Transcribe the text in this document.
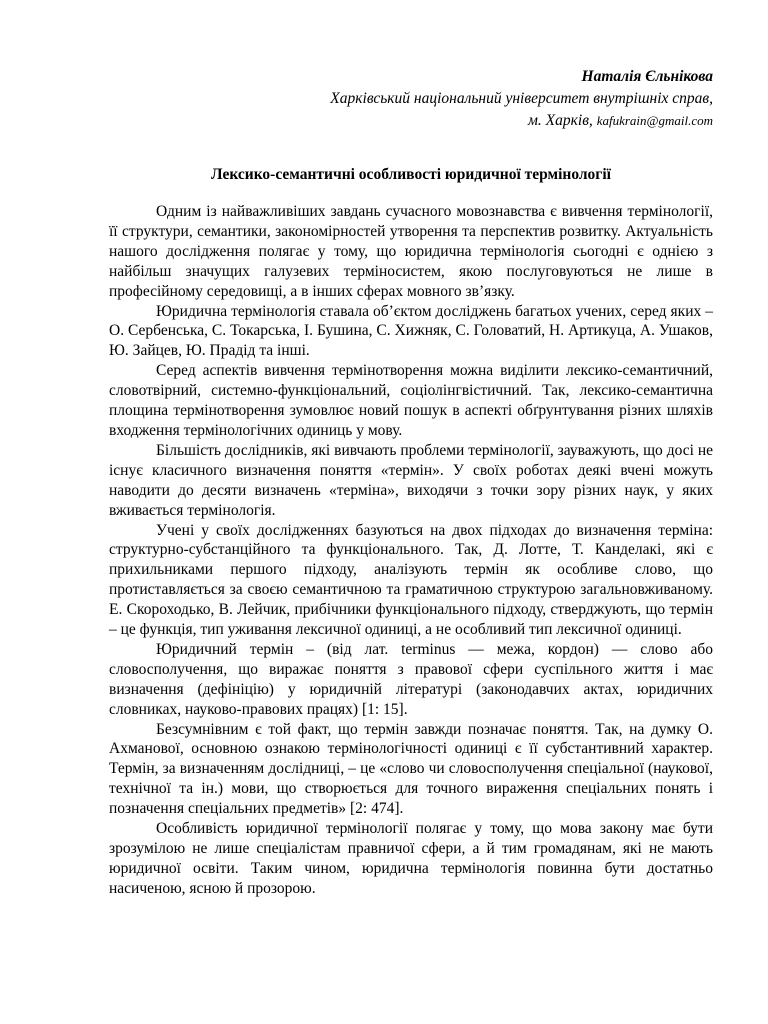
Наталія Єльнікова
Харківський національний університет внутрішніх справ,
м. Харків, kafukrain@gmail.com
Лексико-семантичні особливості юридичної термінології

Одним із найважливіших завдань сучасного мовознавства є вивчення термінології, її структури, семантики, закономірностей утворення та перспектив розвитку. Актуальність нашого дослідження полягає у тому, що юридична термінологія сьогодні є однією з найбільш значущих галузевих терміносистем, якою послуговуються не лише в професійному середовищі, а в інших сферах мовного зв’язку.

Юридична термінологія ставала об’єктом досліджень багатьох учених, серед яких – О. Сербенська, С. Токарська, І. Бушина, С. Хижняк, С. Головатий, Н. Артикуца, А. Ушаков, Ю. Зайцев, Ю. Прадід та інші.

Серед аспектів вивчення термінотворення можна виділити лексико-семантичний, словотвірний, системно-функціональний, соціолінгвістичний. Так, лексико-семантична площина термінотворення зумовлює новий пошук в аспекті обґрунтування різних шляхів входження термінологічних одиниць у мову.

Більшість дослідників, які вивчають проблеми термінології, зауважують, що досі не існує класичного визначення поняття «термін». У своїх роботах деякі вчені можуть наводити до десяти визначень «терміна», виходячи з точки зору різних наук, у яких вживається термінологія.

Учені у своїх дослідженнях базуються на двох підходах до визначення терміна: структурно-субстанційного та функціонального. Так, Д. Лотте, Т. Канделакі, які є прихильниками першого підходу, аналізують термін як особливе слово, що протиставляється за своєю семантичною та граматичною структурою загальновживаному. Е. Скороходько, В. Лейчик, прибічники функціонального підходу, стверджують, що термін – це функція, тип уживання лексичної одиниці, а не особливий тип лексичної одиниці.

Юридичний термін – (від лат. terminus — межа, кордон) — слово або словосполучення, що виражає поняття з правової сфери суспільного життя і має визначення (дефініцію) у юридичній літературі (законодавчих актах, юридичних словниках, науково-правових працях) [1: 15].

Безсумнівним є той факт, що термін завжди позначає поняття. Так, на думку О. Ахманової, основною ознакою термінологічності одиниці є її субстантивний характер. Термін, за визначенням дослідниці, – це «слово чи словосполучення спеціальної (наукової, технічної та ін.) мови, що створюється для точного вираження спеціальних понять і позначення спеціальних предметів» [2: 474].

Особливість юридичної термінології полягає у тому, що мова закону має бути зрозумілою не лише спеціалістам правничої сфери, а й тим громадянам, які не мають юридичної освіти. Таким чином, юридична термінологія повинна бути достатньо насиченою, ясною й прозорою.
